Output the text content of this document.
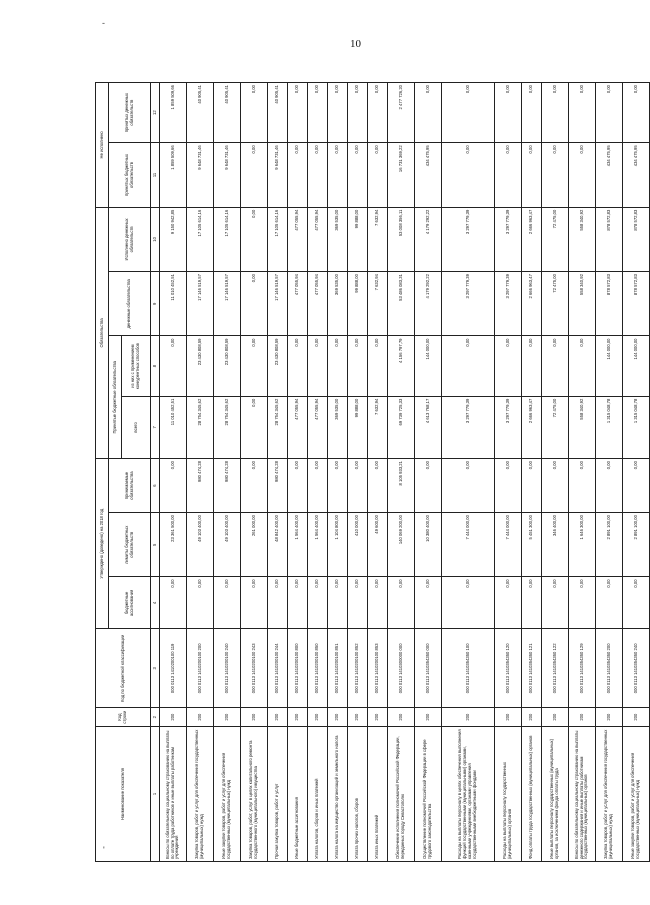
10
-
'
Наименование показателя	Код строки	Код по бюджетной классификации	Утверждено (доведено) на 2018 год			Обязательства				Не исполнено	
			бюджетные ассигнования	лимиты бюджетных обязательств	принимаемые обязательства	Принятые бюджетные обязательства		денежные обязательства	Исполнено денежных обязательств	принятых бюджетных обязательств	принятых денежных обязательств
						всего	из них с применением конкурентных способов				
1	2	3	4	5	6	7	8	9	10	11	12
Взносы по обязательному социальному страхованию на выплаты по оплате труда работников и иные выплаты работникам учреждений	200	000 0113 1410200100 119	0,00	23 361 500,00	0,00	11 010 452,51	0,00	11 010 452,51	9 150 942,85	1 859 509,66	1 859 509,66
Закупка товаров, работ и услуг для обеспечения государственных (муниципальных) нужд	200	000 0113 1410200100 200	0,00	49 103 400,00	980 474,28	28 754 345,62	23 430 808,59	17 146 519,57	17 105 614,16	9 648 731,46	40 905,41
Иные закупки товаров, работ и услуг для обеспечения государственных (муниципальных) нужд	200	000 0113 1410200100 240	0,00	49 103 400,00	980 474,28	28 754 345,62	23 430 808,59	17 146 519,57	17 105 614,16	9 648 731,46	40 905,41
Закупка товаров, работ, услуг в целях капитального ремонта государственного (муниципального) имущества	200	000 0113 1410200100 243	0,00	261 000,00	0,00	0,00	0,00	0,00	0,00	0,00	0,00
Прочая закупка товаров, работ и услуг	200	000 0113 1410200100 244	0,00	48 842 400,00	980 474,28	28 754 345,62	23 430 808,59	17 146 519,57	17 105 614,16	9 648 731,46	40 905,41
Иные бюджетные ассигнования	200	000 0113 1410200100 800	0,00	1 564 400,00	0,00	477 055,94	0,00	477 055,94	477 055,94	0,00	0,00
Уплата налогов, сборов и иных платежей	200	000 0113 1410200100 850	0,00	1 564 400,00	0,00	477 055,94	0,00	477 055,94	477 055,94	0,00	0,00
Уплата налога на имущество организаций и земельного налога	200	000 0113 1410200100 851	0,00	1 104 800,00	0,00	369 535,00	0,00	369 535,00	369 535,00	0,00	0,00
Уплата прочих налогов, сборов	200	000 0113 1410200100 852	0,00	410 000,00	0,00	99 888,00	0,00	99 888,00	99 888,00	0,00	0,00
Уплата иных платежей	200	000 0113 1410200100 853	0,00	49 600,00	0,00	7 632,94	0,00	7 632,94	7 632,94	0,00	0,00
Обеспечение исполнения полномочий Российской Федерации, переданных городу Севастополю	200	000 0113 1410300000 000	0,00	140 069 200,00	8 105 933,21	69 739 725,33	4 156 797,79	53 486 083,31	53 008 356,11	16 731 369,22	2 477 726,20
Осуществление полномочий Российской Федерации в сфере трудового законодательства	200	000 0113 1410354350 000	0,00	10 380 400,00	0,00	4 613 768,17	144 000,00	4 179 292,22	4 179 292,22	434 475,95	0,00
Расходы на выплаты персоналу в целях обеспечения выполнения функций государственными (муниципальными) органами, казенными учреждениями, органами управления государственными внебюджетными фондами	200	000 0113 1410354350 100	0,00	7 444 000,00	0,00	3 297 779,39	0,00	3 297 779,39	3 297 779,39	0,00	0,00
Расходы на выплаты персоналу государственных (муниципальных) органов	200	000 0113 1410354350 120	0,00	7 444 000,00	0,00	3 297 779,39	0,00	3 297 779,39	3 297 779,39	0,00	0,00
Фонд оплаты труда государственных (муниципальных) органов	200	000 0113 1410354350 121	0,00	5 451 300,00	0,00	2 666 963,47	0,00	2 666 963,47	2 666 963,47	0,00	0,00
Иные выплаты персоналу государственных (муниципальных) органов, за исключением фонда оплаты труда	200	000 0113 1410354350 122	0,00	346 400,00	0,00	72 475,00	0,00	72 475,00	72 475,00	0,00	0,00
Взносы по обязательному социальному страхованию на выплаты денежного содержания и иные выплаты работникам государственных (муниципальных) органов	200	000 0113 1410354350 129	0,00	1 646 300,00	0,00	558 340,92	0,00	558 340,92	558 340,92	0,00	0,00
Закупка товаров, работ и услуг для обеспечения государственных (муниципальных) нужд	200	000 0113 1410354350 200	0,00	2 891 100,00	0,00	1 315 048,78	144 000,00	878 572,83	878 572,83	434 475,95	0,00
Иные закупки товаров, работ и услуг для обеспечения государственных (муниципальных) нужд	200	000 0113 1410354350 240	0,00	2 891 100,00	0,00	1 315 048,78	144 000,00	878 572,83	878 572,83	434 475,95	0,00
